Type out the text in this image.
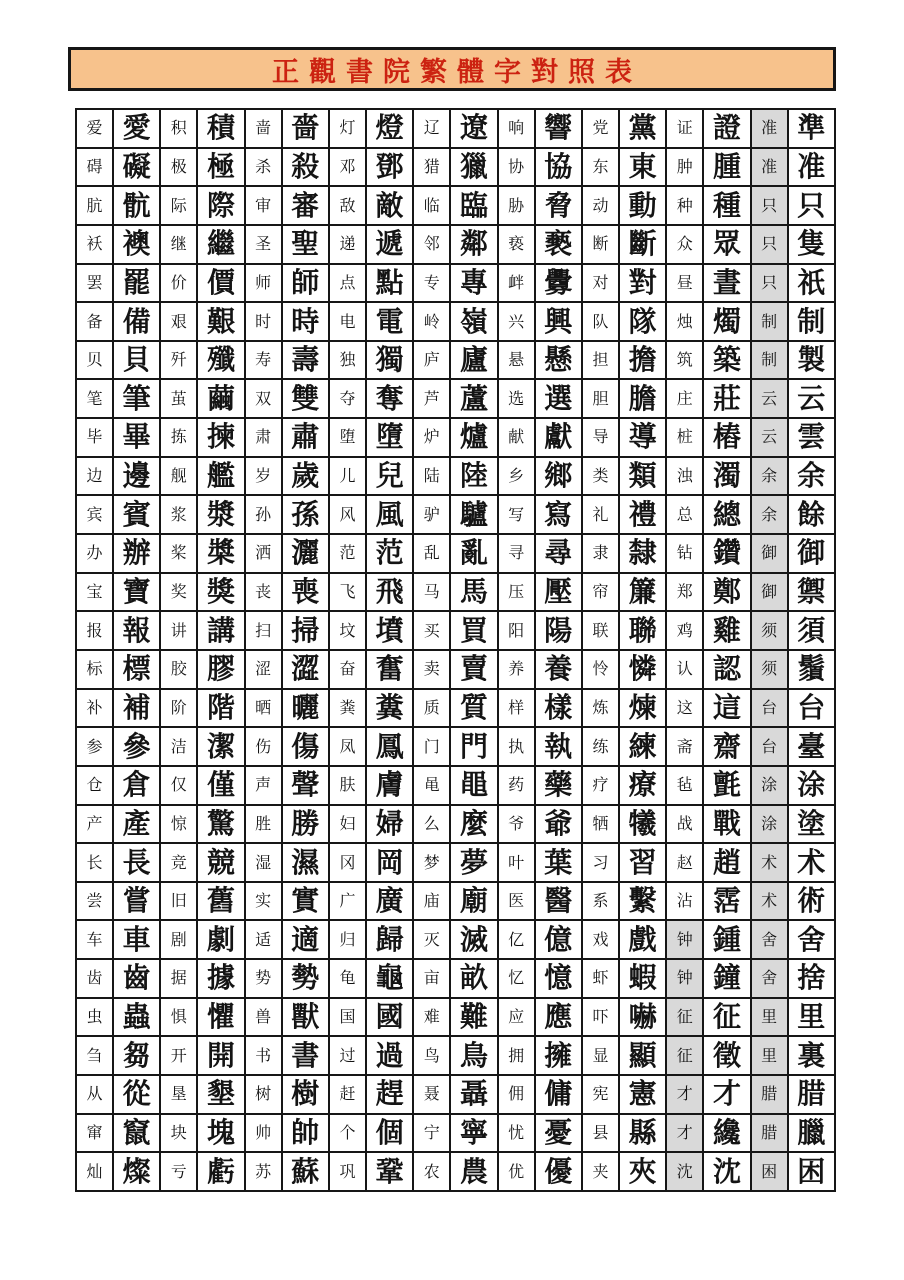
正觀書院繁體字對照表
爱 愛	积 積	啬 嗇	灯 燈	辽 遼	响 響	党 黨	证 證	准 準
碍 礙	极 極	杀 殺	邓 鄧	猎 獵	协 協	东 東	肿 腫	准 准
肮 骯	际 際	审 審	敌 敵	临 臨	胁 脅	动 動	种 種	只 只
袄 襖	继 繼	圣 聖	递 遞	邻 鄰	亵 褻	断 斷	众 眾	只 隻
罢 罷	价 價	师 師	点 點	专 專	衅 釁	对 對	昼 晝	只 祇
备 備	艰 艱	时 時	电 電	岭 嶺	兴 興	队 隊	烛 燭	制 制
贝 貝	歼 殲	寿 壽	独 獨	庐 廬	悬 懸	担 擔	筑 築	制 製
笔 筆	茧 繭	双 雙	夺 奪	芦 蘆	选 選	胆 膽	庄 莊	云 云
毕 畢	拣 揀	肃 肅	堕 墮	炉 爐	献 獻	导 導	桩 樁	云 雲
边 邊	舰 艦	岁 歲	儿 兒	陆 陸	乡 鄉	类 類	浊 濁	余 余
宾 賓	浆 漿	孙 孫	风 風	驴 驢	写 寫	礼 禮	总 總	余 餘
办 辦	桨 槳	洒 灑	范 范	乱 亂	寻 尋	隶 隸	钻 鑽	御 御
宝 寶	奖 獎	丧 喪	飞 飛	马 馬	压 壓	帘 簾	郑 鄭	御 禦
报 報	讲 講	扫 掃	坟 墳	买 買	阳 陽	联 聯	鸡 雞	须 須
标 標	胶 膠	涩 澀	奋 奮	卖 賣	养 養	怜 憐	认 認	须 鬚
补 補	阶 階	晒 曬	粪 糞	质 質	样 樣	炼 煉	这 這	台 台
参 參	洁 潔	伤 傷	凤 鳳	门 門	执 執	练 練	斋 齋	台 臺
仓 倉	仅 僅	声 聲	肤 膚	黾 黽	药 藥	疗 療	毡 氈	涂 涂
产 產	惊 驚	胜 勝	妇 婦	么 麼	爷 爺	牺 犧	战 戰	涂 塗
长 長	竞 競	湿 濕	冈 岡	梦 夢	叶 葉	习 習	赵 趙	术 术
尝 嘗	旧 舊	实 實	广 廣	庙 廟	医 醫	系 繫	沾 霑	术 術
车 車	剧 劇	适 適	归 歸	灭 滅	亿 億	戏 戲	钟 鍾	舍 舍
齿 齒	据 據	势 勢	龟 龜	亩 畝	忆 憶	虾 蝦	钟 鐘	舍 捨
虫 蟲	惧 懼	兽 獸	国 國	难 難	应 應	吓 嚇	征 征	里 里
刍 芻	开 開	书 書	过 過	鸟 鳥	拥 擁	显 顯	征 徵	里 裏
从 從	垦 墾	树 樹	赶 趕	聂 聶	佣 傭	宪 憲	才 才	腊 腊
窜 竄	块 塊	帅 帥	个 個	宁 寧	忧 憂	县 縣	才 纔	腊 臘
灿 燦	亏 虧	苏 蘇	巩 鞏	农 農	优 優	夹 夾	沈 沈	困 困
